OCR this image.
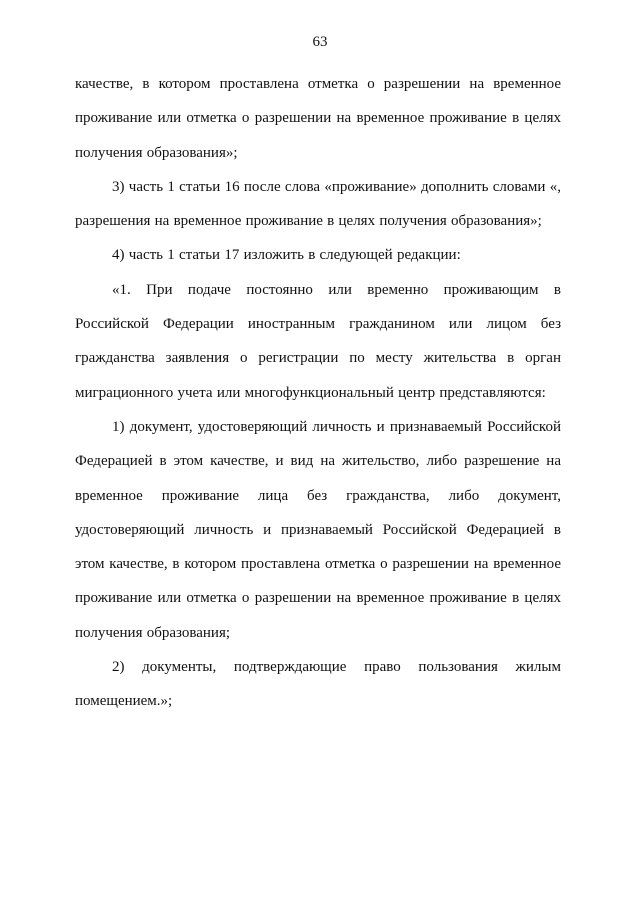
63

качестве, в котором проставлена отметка о разрешении на временное проживание или отметка о разрешении на временное проживание в целях получения образования»;

3) часть 1 статьи 16 после слова «проживание» дополнить словами «, разрешения на временное проживание в целях получения образования»;

4) часть 1 статьи 17 изложить в следующей редакции:

«1. При подаче постоянно или временно проживающим в Российской Федерации иностранным гражданином или лицом без гражданства заявления о регистрации по месту жительства в орган миграционного учета или многофункциональный центр представляются:

1) документ, удостоверяющий личность и признаваемый Российской Федерацией в этом качестве, и вид на жительство, либо разрешение на временное проживание лица без гражданства, либо документ, удостоверяющий личность и признаваемый Российской Федерацией в этом качестве, в котором проставлена отметка о разрешении на временное проживание или отметка о разрешении на временное проживание в целях получения образования;

2) документы, подтверждающие право пользования жилым помещением.»;
